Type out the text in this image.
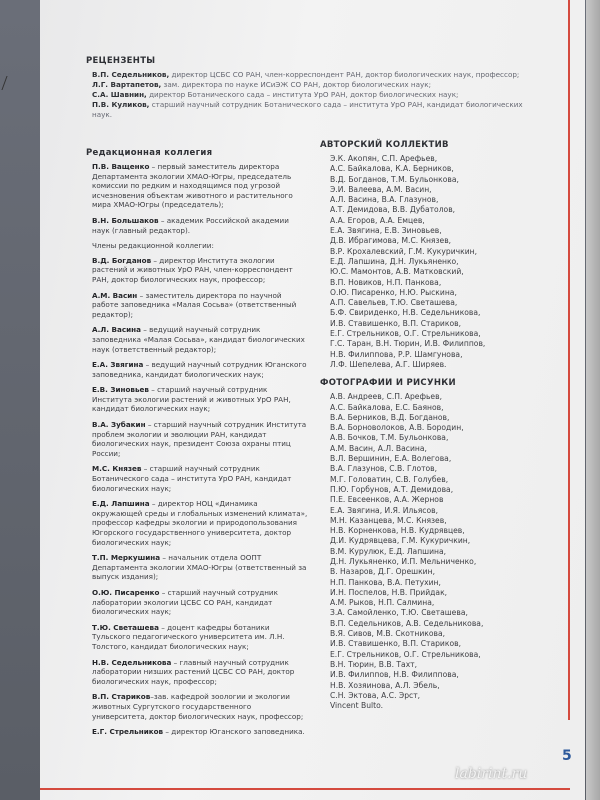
РЕЦЕНЗЕНТЫ
В.П. Седельников, директор ЦСБС СО РАН, член-корреспондент РАН, доктор биологических наук, профессор;
Л.Г. Вартапетов, зам. директора по науке ИСиЭЖ СО РАН, доктор биологических наук;
С.А. Шавнин, директор Ботанического сада – института УрО РАН, доктор биологических наук;
П.В. Куликов, старший научный сотрудник Ботанического сада – института УрО РАН, кандидат биологических наук.
Редакционная коллегия
П.В. Ващенко – первый заместитель директора Департамента экологии ХМАО-Югры, председатель комиссии по редким и находящимся под угрозой исчезновения объектам животного и растительного мира ХМАО-Югры (председатель);
В.Н. Большаков – академик Российской академии наук (главный редактор).
Члены редакционной коллегии:
В.Д. Богданов – директор Института экологии растений и животных УрО РАН, член-корреспондент РАН, доктор биологических наук, профессор;
А.М. Васин – заместитель директора по научной работе заповедника «Малая Сосьва» (ответственный редактор);
А.Л. Васина – ведущий научный сотрудник заповедника «Малая Сосьва», кандидат биологических наук (ответственный редактор);
Е.А. Звягина – ведущий научный сотрудник Юганского заповедника, кандидат биологических наук;
Е.В. Зиновьев – старший научный сотрудник Института экологии растений и животных УрО РАН, кандидат биологических наук;
В.А. Зубакин – старший научный сотрудник Института проблем экологии и эволюции РАН, кандидат биологических наук, президент Союза охраны птиц России;
М.С. Князев – старший научный сотрудник Ботанического сада – института УрО РАН, кандидат биологических наук;
Е.Д. Лапшина – директор НОЦ «Динамика окружающей среды и глобальных изменений климата», профессор кафедры экологии и природопользования Югорского государственного университета, доктор биологических наук;
Т.П. Меркушина – начальник отдела ООПТ Департамента экологии ХМАО-Югры (ответственный за выпуск издания);
О.Ю. Писаренко – старший научный сотрудник лаборатории экологии ЦСБС СО РАН, кандидат биологических наук;
Т.Ю. Светашева – доцент кафедры ботаники Тульского педагогического университета им. Л.Н. Толстого, кандидат биологических наук;
Н.В. Седельникова – главный научный сотрудник лаборатории низших растений ЦСБС СО РАН, доктор биологических наук, профессор;
В.П. Стариков–зав. кафедрой зоологии и экологии животных Сургутского государственного университета, доктор биологических наук, профессор;
Е.Г. Стрельников – директор Юганского заповедника.
АВТОРСКИЙ КОЛЛЕКТИВ
Э.К. Акопян, С.П. Арефьев,
А.С. Байкалова, К.А. Берников,
В.Д. Богданов, Т.М. Бульонкова,
Э.И. Валеева, А.М. Васин,
А.Л. Васина, В.А. Глазунов,
А.Т. Демидова, В.В. Дубатолов,
А.А. Егоров, А.А. Емцев,
Е.А. Звягина, Е.В. Зиновьев,
Д.В. Ибрагимова, М.С. Князев,
В.Р. Крохалевский, Г.М. Кукуричкин,
Е.Д. Лапшина, Д.Н. Лукьяненко,
Ю.С. Мамонтов, А.В. Матковский,
В.П. Новиков, Н.П. Панкова,
О.Ю. Писаренко, Н.Ю. Рыскина,
А.П. Савельев, Т.Ю. Светашева,
Б.Ф. Свириденко, Н.В. Седельникова,
И.В. Ставишенко, В.П. Стариков,
Е.Г. Стрельников, О.Г. Стрельникова,
Г.С. Таран, В.Н. Тюрин, И.В. Филиппов,
Н.В. Филиппова, Р.Р. Шамгунова,
Л.Ф. Шепелева, А.Г. Ширяев.
ФОТОГРАФИИ И РИСУНКИ
А.В. Андреев, С.П. Арефьев,
А.С. Байкалова, Е.С. Баянов,
В.А. Берников, В.Д. Богданов,
В.А. Борноволоков, А.В. Бородин,
А.В. Бочков, Т.М. Бульонкова,
А.М. Васин, А.Л. Васина,
В.Л. Вершинин, Е.А. Волегова,
В.А. Глазунов, С.В. Глотов,
М.Г. Головатин, С.В. Голубев,
П.Ю. Горбунов, А.Т. Демидова,
П.Е. Евсеенков, А.А. Жернов
Е.А. Звягина, И.Я. Ильясов,
М.Н. Казанцева, М.С. Князев,
Н.В. Корненкова, Н.В. Кудрявцев,
Д.И. Кудрявцева, Г.М. Кукуричкин,
В.М. Курулюк, Е.Д. Лапшина,
Д.Н. Лукьяненко, И.П. Мельниченко,
В. Назаров, Д.Г. Орешкин,
Н.П. Панкова, В.А. Петухин,
И.Н. Поспелов, Н.В. Прийдак,
А.М. Рыков, Н.П. Салмина,
З.А. Самойленко, Т.Ю. Светашева,
В.П. Седельников, А.В. Седельникова,
В.Я. Сивов, М.В. Скотникова,
И.В. Ставишенко, В.П. Стариков,
Е.Г. Стрельников, О.Г. Стрельникова,
В.Н. Тюрин, В.В. Тахт,
И.В. Филиппов, Н.В. Филиппова,
Н.В. Хозяинова, А.Л. Эбель,
С.Н. Эктова, А.С. Эрст,
Vincent Bulto.
5
labirint.ru
